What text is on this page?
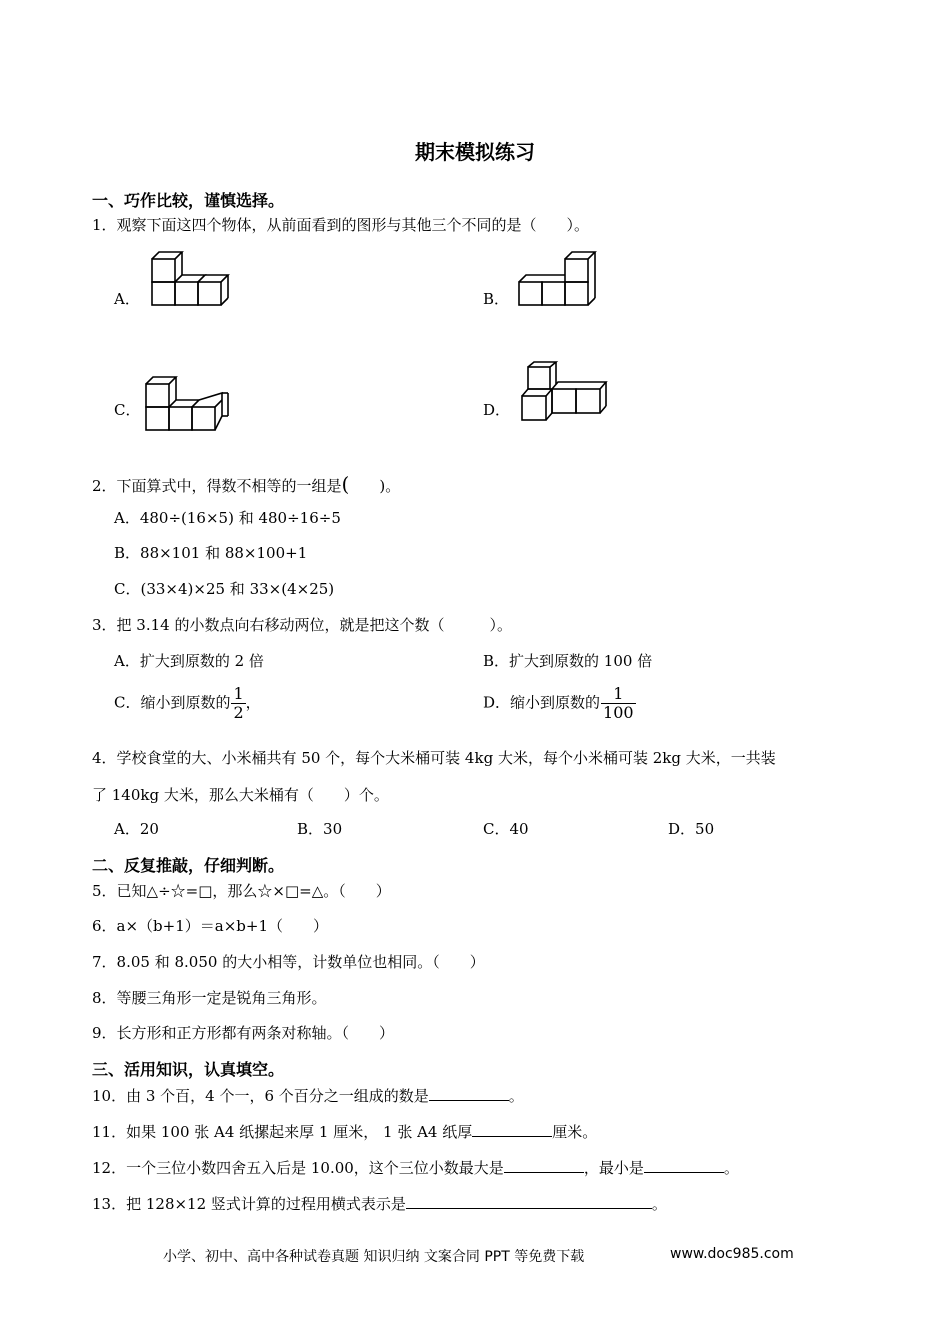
期末模拟练习
一、巧作比较，谨慎选择。
1．观察下面这四个物体，从前面看到的图形与其他三个不同的是（　　）。
A．	B．
C．	D．
2．下面算式中，得数不相等的一组是(　　)。
A．480÷(16×5) 和 480÷16÷5
B．88×101 和 88×100+1
C．(33×4)×25 和 33×(4×25)
3．把 3.14 的小数点向右移动两位，就是把这个数（　　　）。
A．扩大到原数的 2 倍	B．扩大到原数的 100 倍
C．缩小到原数的 $\frac{1}{2}$ ，	D．缩小到原数的 $\frac{1}{100}$
4．学校食堂的大、小米桶共有 50 个，每个大米桶可装 4kg 大米，每个小米桶可装 2kg 大米，一共装
了 140kg 大米，那么大米桶有（　　）个。
A．20	B．30	C．40	D．50
二、反复推敲，仔细判断。
5．已知△÷☆=□，那么☆×□=△。（　　）
6．a×（b+1）＝a×b+1（　　）
7．8.05 和 8.050 的大小相等，计数单位也相同。（　　）
8．等腰三角形一定是锐角三角形。
9．长方形和正方形都有两条对称轴。（　　）
三、活用知识，认真填空。
10．由 3 个百，4 个一，6 个百分之一组成的数是	。
11．如果 100 张 A4 纸摞起来厚 1 厘米， 1 张 A4 纸厚	厘米。
12．一个三位小数四舍五入后是 10.00，这个三位小数最大是	，最小是	。
13．把 128×12 竖式计算的过程用横式表示是	。
小学、初中、高中各种试卷真题 知识归纳 文案合同 PPT 等免费下载	www.doc985.com
